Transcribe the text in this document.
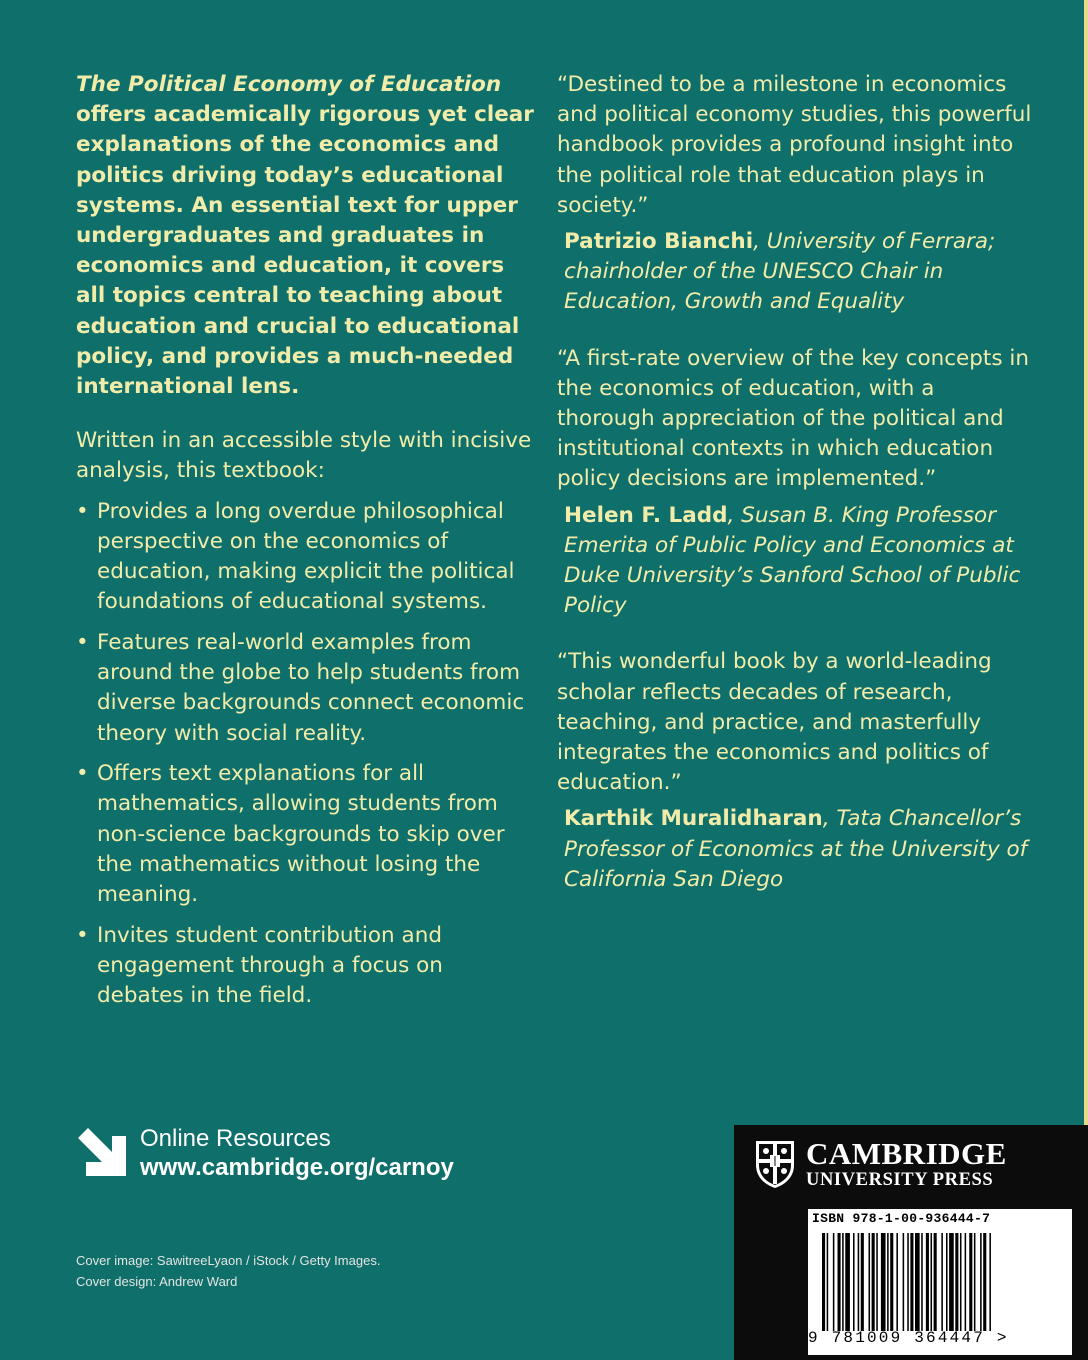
The Political Economy of Education offers academically rigorous yet clear explanations of the economics and politics driving today’s educational systems. An essential text for upper undergraduates and graduates in economics and education, it covers all topics central to teaching about education and crucial to educational policy, and provides a much-needed international lens.

Written in an accessible style with incisive analysis, this textbook:

• Provides a long overdue philosophical perspective on the economics of education, making explicit the political foundations of educational systems.
• Features real-world examples from around the globe to help students from diverse backgrounds connect economic theory with social reality.
• Offers text explanations for all mathematics, allowing students from non-science backgrounds to skip over the mathematics without losing the meaning.
• Invites student contribution and engagement through a focus on debates in the field.

“Destined to be a milestone in economics and political economy studies, this powerful handbook provides a profound insight into the political role that education plays in society.”

Patrizio Bianchi, University of Ferrara; chairholder of the UNESCO Chair in Education, Growth and Equality

“A first-rate overview of the key concepts in the economics of education, with a thorough appreciation of the political and institutional contexts in which education policy decisions are implemented.”

Helen F. Ladd, Susan B. King Professor Emerita of Public Policy and Economics at Duke University’s Sanford School of Public Policy

“This wonderful book by a world-leading scholar reflects decades of research, teaching, and practice, and masterfully integrates the economics and politics of education.”

Karthik Muralidharan, Tata Chancellor’s Professor of Economics at the University of California San Diego

Online Resources
www.cambridge.org/carnoy
Cover image: SawitreeLyaon / iStock / Getty Images.
Cover design: Andrew Ward
CAMBRIDGE
UNIVERSITY PRESS
ISBN 978-1-00-936444-7
9 781009 364447 >
